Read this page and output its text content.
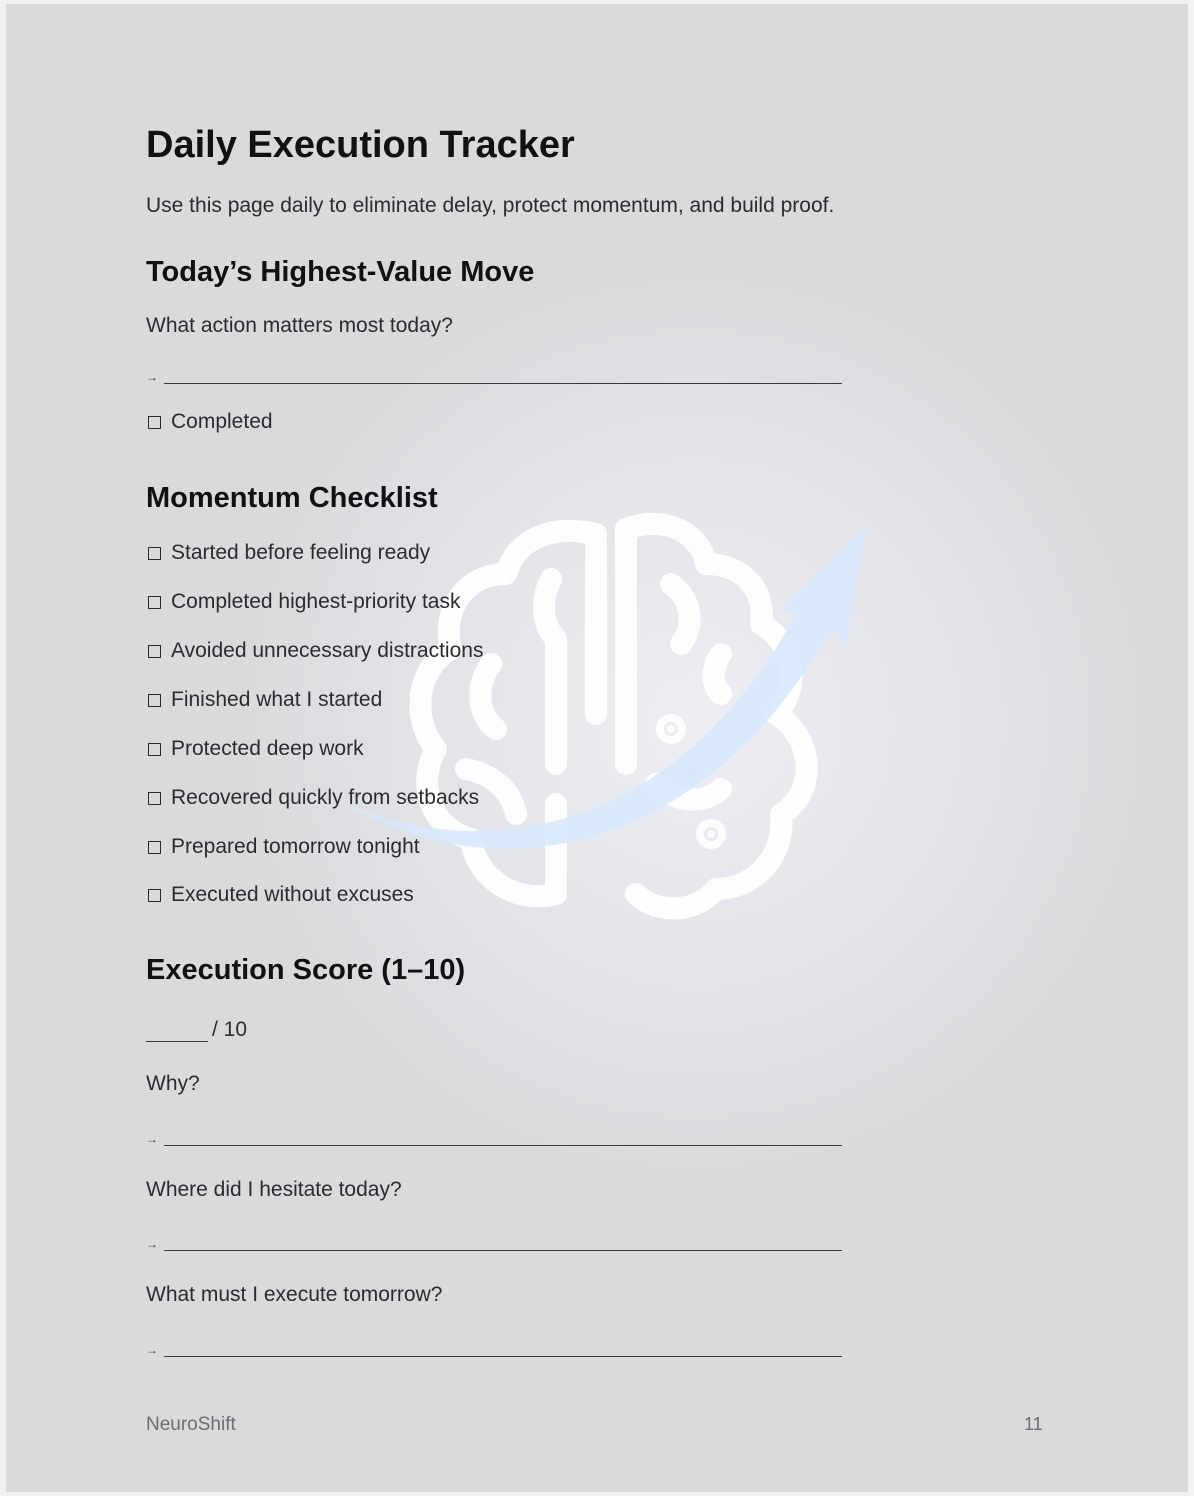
Daily Execution Tracker
Use this page daily to eliminate delay, protect momentum, and build proof.
Today’s Highest-Value Move
What action matters most today?
→
Completed
Momentum Checklist
Started before feeling ready
Completed highest-priority task
Avoided unnecessary distractions
Finished what I started
Protected deep work
Recovered quickly from setbacks
Prepared tomorrow tonight
Executed without excuses
Execution Score (1–10)
/ 10
Why?
→
Where did I hesitate today?
→
What must I execute tomorrow?
→
NeuroShift	11
